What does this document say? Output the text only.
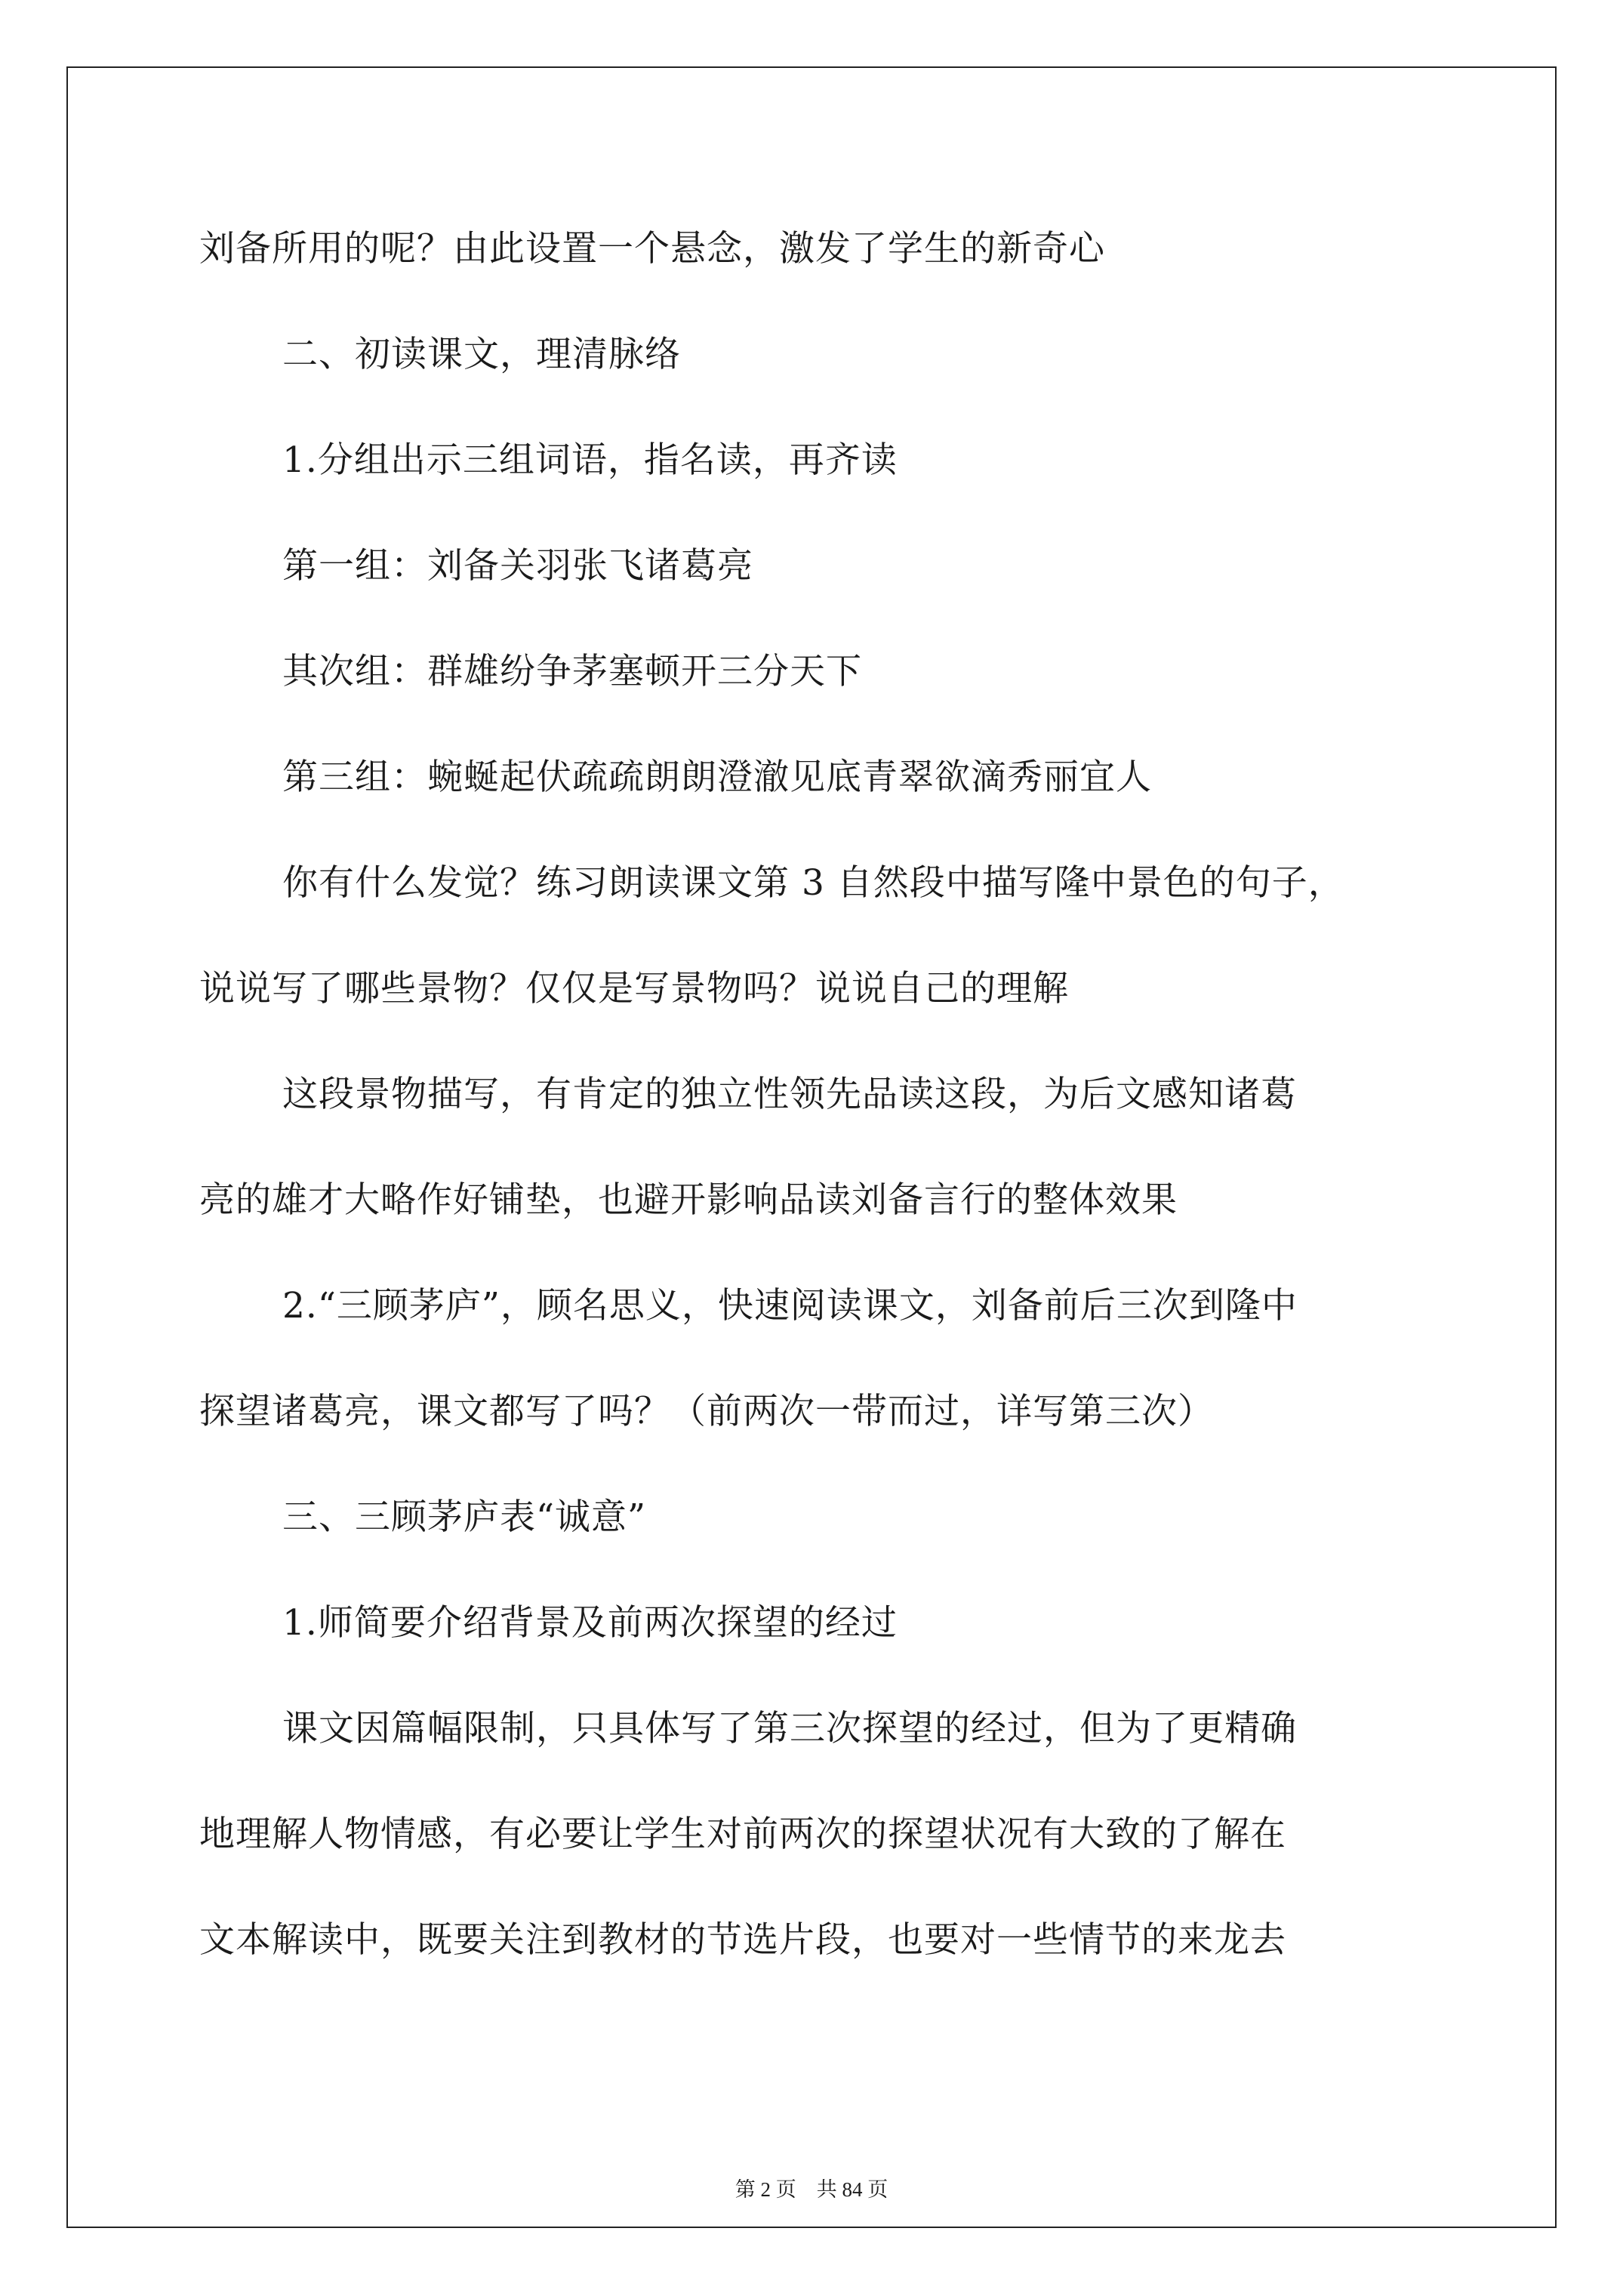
刘备所用的呢？由此设置一个悬念，激发了学生的新奇心
二、初读课文，理清脉络
1.分组出示三组词语，指名读，再齐读
第一组：刘备关羽张飞诸葛亮
其次组：群雄纷争茅塞顿开三分天下
第三组：蜿蜒起伏疏疏朗朗澄澈见底青翠欲滴秀丽宜人
你有什么发觉？练习朗读课文第 3 自然段中描写隆中景色的句子，
说说写了哪些景物？仅仅是写景物吗？说说自己的理解
这段景物描写，有肯定的独立性领先品读这段，为后文感知诸葛
亮的雄才大略作好铺垫，也避开影响品读刘备言行的整体效果
2.“三顾茅庐”，顾名思义，快速阅读课文，刘备前后三次到隆中
探望诸葛亮，课文都写了吗？（前两次一带而过，详写第三次）
三、三顾茅庐表“诚意”
1.师简要介绍背景及前两次探望的经过
课文因篇幅限制，只具体写了第三次探望的经过，但为了更精确
地理解人物情感，有必要让学生对前两次的探望状况有大致的了解在
文本解读中，既要关注到教材的节选片段，也要对一些情节的来龙去
第 2 页　共 84 页
